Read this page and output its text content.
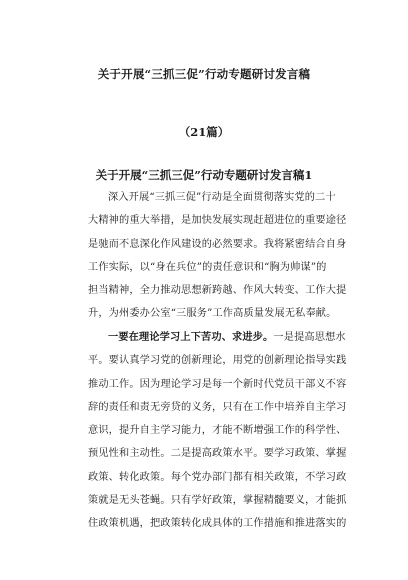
关于开展“三抓三促”行动专题研讨发言稿
（21篇）
关于开展“三抓三促”行动专题研讨发言稿1
深入开展“三抓三促”行动是全面贯彻落实党的二十
大精神的重大举措，是加快发展实现赶超进位的重要途径
是驰而不息深化作风建设的必然要求。我将紧密结合自身
工作实际，以“身在兵位”的责任意识和“胸为帅谋”的
担当精神，全力推动思想新跨越、作风大转变、工作大提
升，为州委办公室“三服务”工作高质量发展无私奉献。
一要在理论学习上下苦功、求进步。一是提高思想水
平。要认真学习党的创新理论，用党的创新理论指导实践
推动工作。因为理论学习是每一个新时代党员干部义不容
辞的责任和责无旁贷的义务，只有在工作中培养自主学习
意识，提升自主学习能力，才能不断增强工作的科学性、
预见性和主动性。二是提高政策水平。要学习政策、掌握
政策、转化政策。每个党办部门都有相关政策，不学习政
策就是无头苍蝇。只有学好政策，掌握精髓要义，才能抓
住政策机遇，把政策转化成具体的工作措施和推进落实的
